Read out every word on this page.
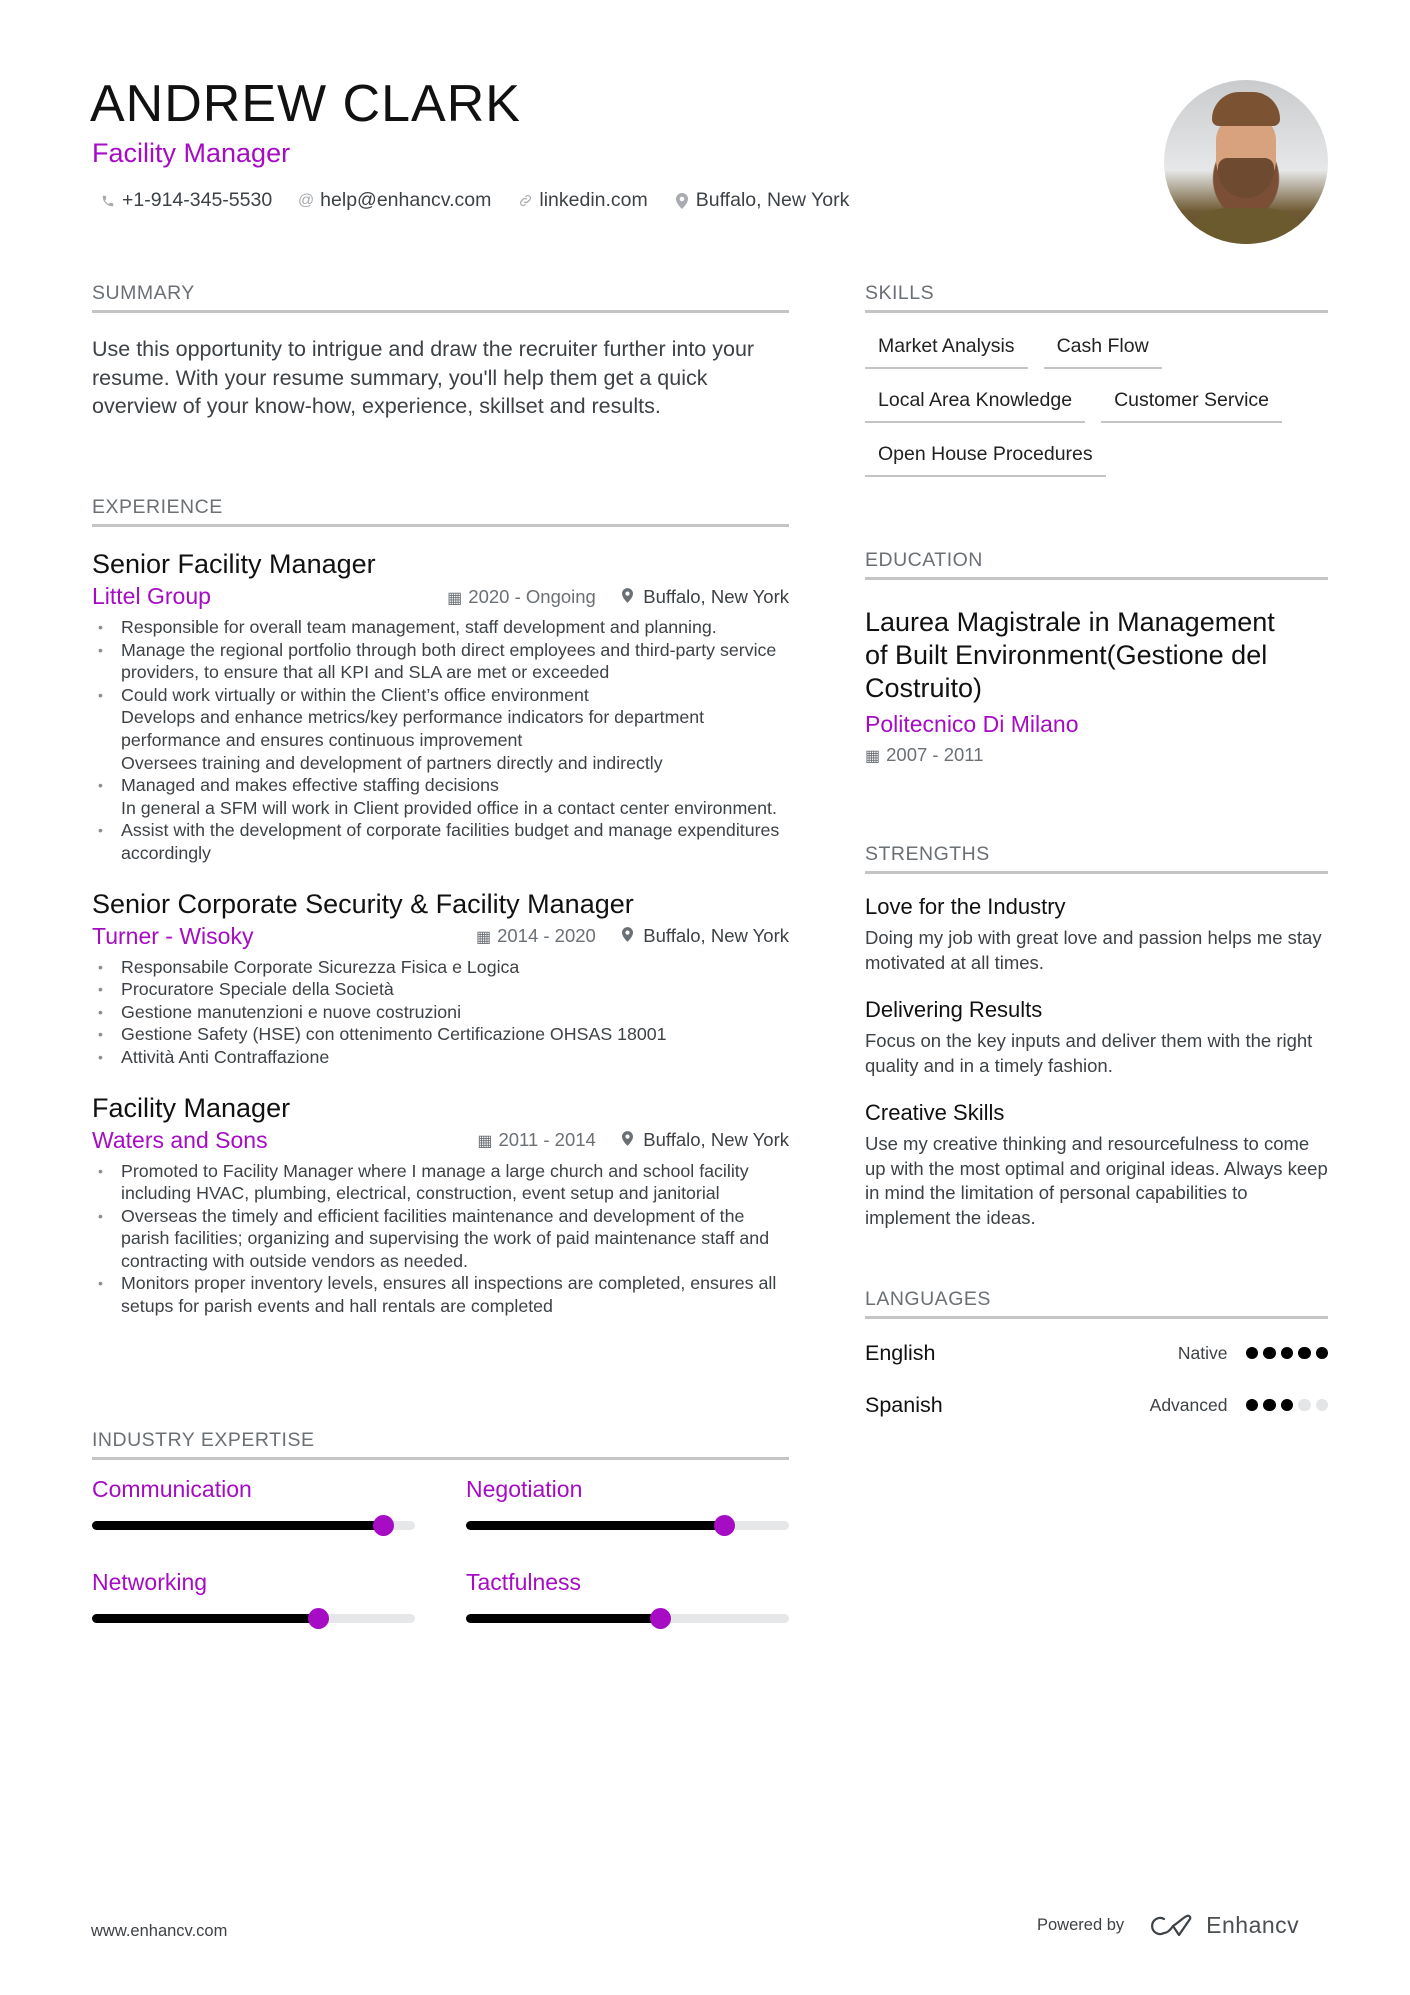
ANDREW CLARK
Facility Manager
+1-914-345-5530 @ help@enhancv.com linkedin.com Buffalo, New York
SUMMARY
Use this opportunity to intrigue and draw the recruiter further into your resume. With your resume summary, you'll help them get a quick overview of your know-how, experience, skillset and results.
EXPERIENCE
Senior Facility Manager
Littel Group	▦ 2020 - Ongoing	Buffalo, New York
• Responsible for overall team management, staff development and planning.
• Manage the regional portfolio through both direct employees and third-party service providers, to ensure that all KPI and SLA are met or exceeded
• Could work virtually or within the Client’s office environment
Develops and enhance metrics/key performance indicators for department performance and ensures continuous improvement
Oversees training and development of partners directly and indirectly
• Managed and makes effective staffing decisions
In general a SFM will work in Client provided office in a contact center environment.
• Assist with the development of corporate facilities budget and manage expenditures accordingly
Senior Corporate Security & Facility Manager
Turner - Wisoky	▦ 2014 - 2020	Buffalo, New York
• Responsabile Corporate Sicurezza Fisica e Logica
• Procuratore Speciale della Società
• Gestione manutenzioni e nuove costruzioni
• Gestione Safety (HSE) con ottenimento Certificazione OHSAS 18001
• Attività Anti Contraffazione
Facility Manager
Waters and Sons	▦ 2011 - 2014	Buffalo, New York
• Promoted to Facility Manager where I manage a large church and school facility including HVAC, plumbing, electrical, construction, event setup and janitorial
• Overseas the timely and efficient facilities maintenance and development of the parish facilities; organizing and supervising the work of paid maintenance staff and contracting with outside vendors as needed.
• Monitors proper inventory levels, ensures all inspections are completed, ensures all setups for parish events and hall rentals are completed
INDUSTRY EXPERTISE
Communication	Negotiation
Networking	Tactfulness
SKILLS
Market Analysis	Cash Flow
Local Area Knowledge	Customer Service
Open House Procedures
EDUCATION
Laurea Magistrale in Management of Built Environment(Gestione del Costruito)
Politecnico Di Milano
▦ 2007 - 2011
STRENGTHS
Love for the Industry
Doing my job with great love and passion helps me stay motivated at all times.
Delivering Results
Focus on the key inputs and deliver them with the right quality and in a timely fashion.
Creative Skills
Use my creative thinking and resourcefulness to come up with the most optimal and original ideas. Always keep in mind the limitation of personal capabilities to implement the ideas.
LANGUAGES
English	Native
Spanish	Advanced
www.enhancv.com	Powered by	Enhancv
